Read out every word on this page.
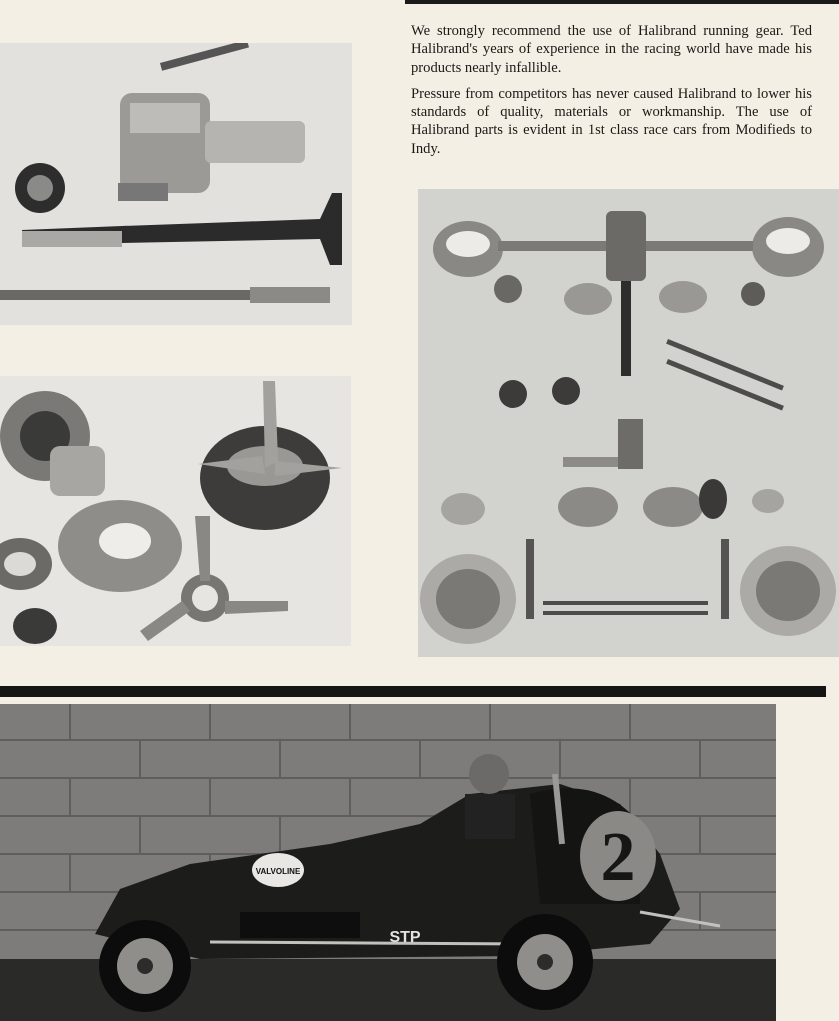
We strongly recommend the use of Halibrand running gear. Ted Halibrand's years of experience in the racing world have made his products nearly infallible.

Pressure from competitors has never caused Halibrand to lower his standards of quality, materials or workmanship. The use of Halibrand parts is evident in 1st class race cars from Modifieds to Indy.

2
VALVOLINE
STP
